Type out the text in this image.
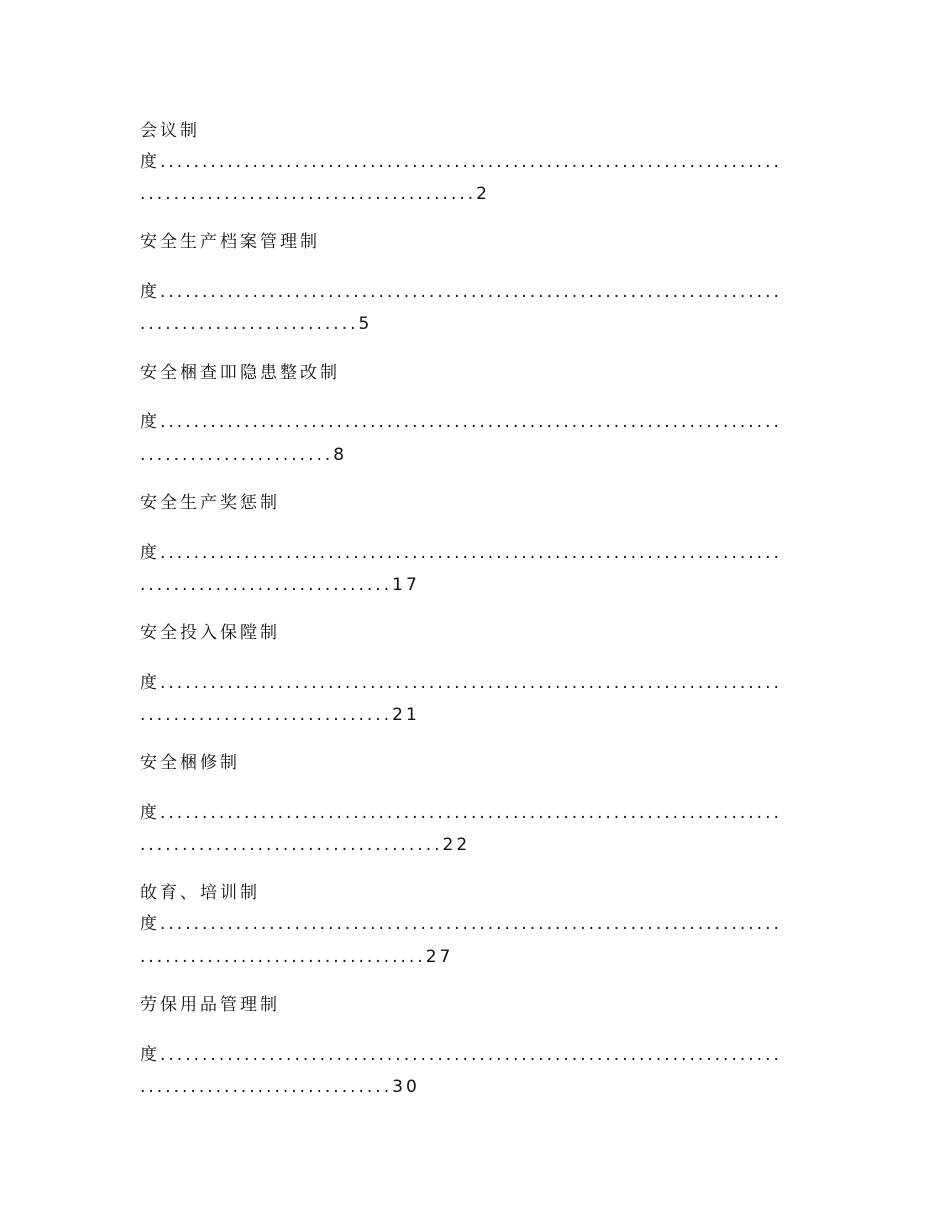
会议制
度..........................................................................
........................................2
安全生产档案管理制
度..........................................................................
..........................5
安全梱查吅隐患整改制
度..........................................................................
.......................8
安全生产奖惩制
度..........................................................................
..............................17
安全投入保隚制
度..........................................................................
..............................21
安全梱修制
度..........................................................................
....................................22
敀育、培训制
度..........................................................................
..................................27
劳保用品管理制
度..........................................................................
..............................30
